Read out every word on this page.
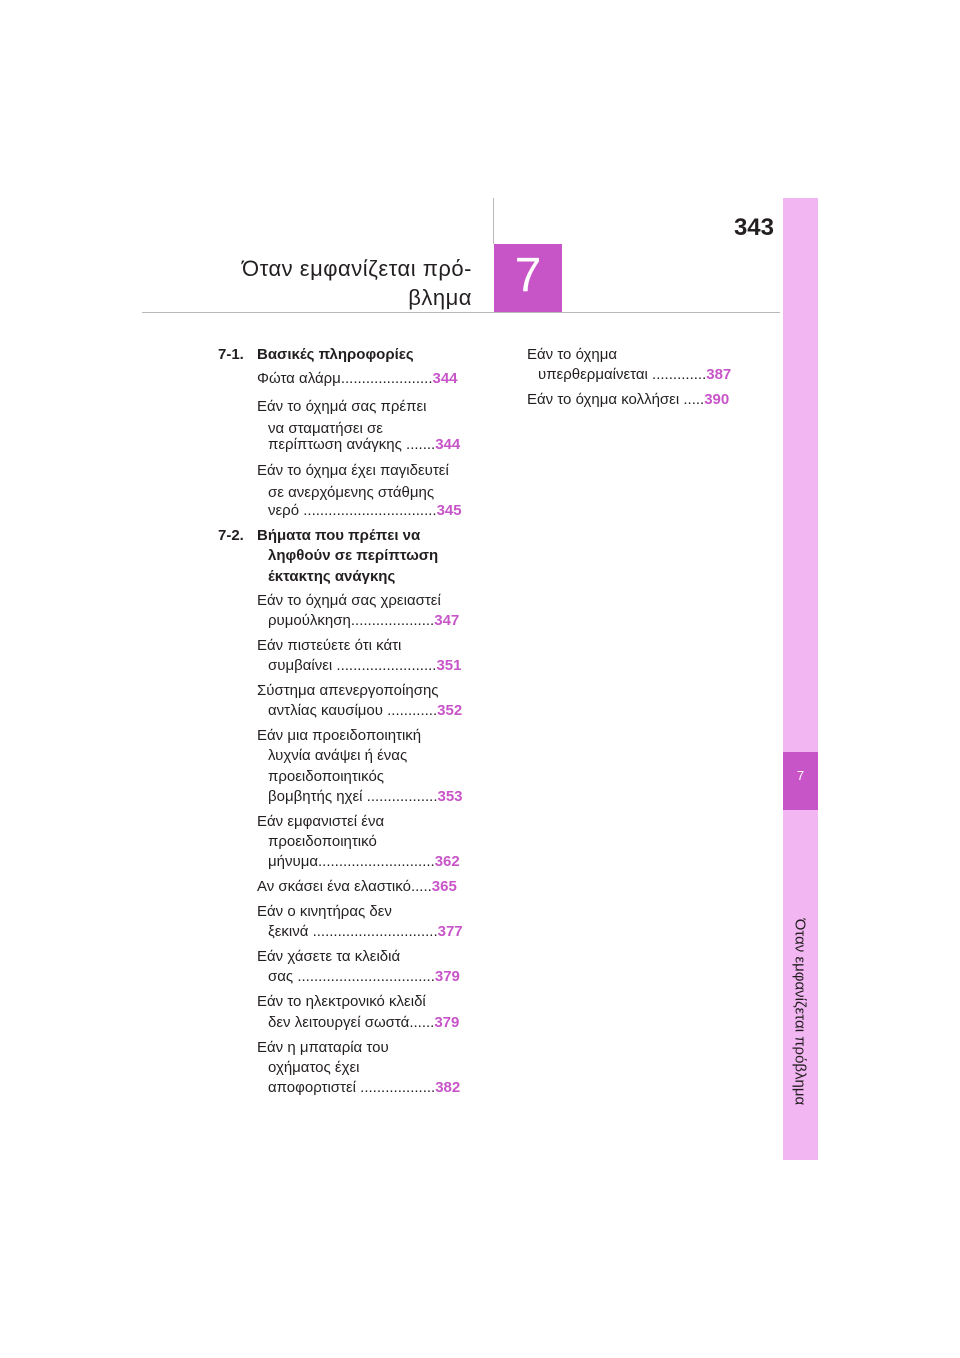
7
Όταν εμφανίζεται πρόβλημα
343
7
Όταν εμφανίζεται πρό-
βλημα
7-1. Βασικές πληροφορίες
Φώτα αλάρμ......................344
Εάν το όχημά σας πρέπει
να σταματήσει σε
περίπτωση ανάγκης .......344
Εάν το όχημα έχει παγιδευτεί
σε ανερχόμενης στάθμης
νερό ................................345
7-2. Βήματα που πρέπει να
ληφθούν σε περίπτωση
έκτακτης ανάγκης
Εάν το όχημά σας χρειαστεί
ρυμούλκηση....................347
Εάν πιστεύετε ότι κάτι
συμβαίνει ........................351
Σύστημα απενεργοποίησης
αντλίας καυσίμου ............352
Εάν μια προειδοποιητική
λυχνία ανάψει ή ένας
προειδοποιητικός
βομβητής ηχεί .................353
Εάν εμφανιστεί ένα
προειδοποιητικό
μήνυμα............................362
Αν σκάσει ένα ελαστικό.....365
Εάν ο κινητήρας δεν
ξεκινά ..............................377
Εάν χάσετε τα κλειδιά
σας .................................379
Εάν το ηλεκτρονικό κλειδί
δεν λειτουργεί σωστά......379
Εάν η μπαταρία του
οχήματος έχει
αποφορτιστεί ..................382
Εάν το όχημα
υπερθερμαίνεται .............387
Εάν το όχημα κολλήσει .....390
